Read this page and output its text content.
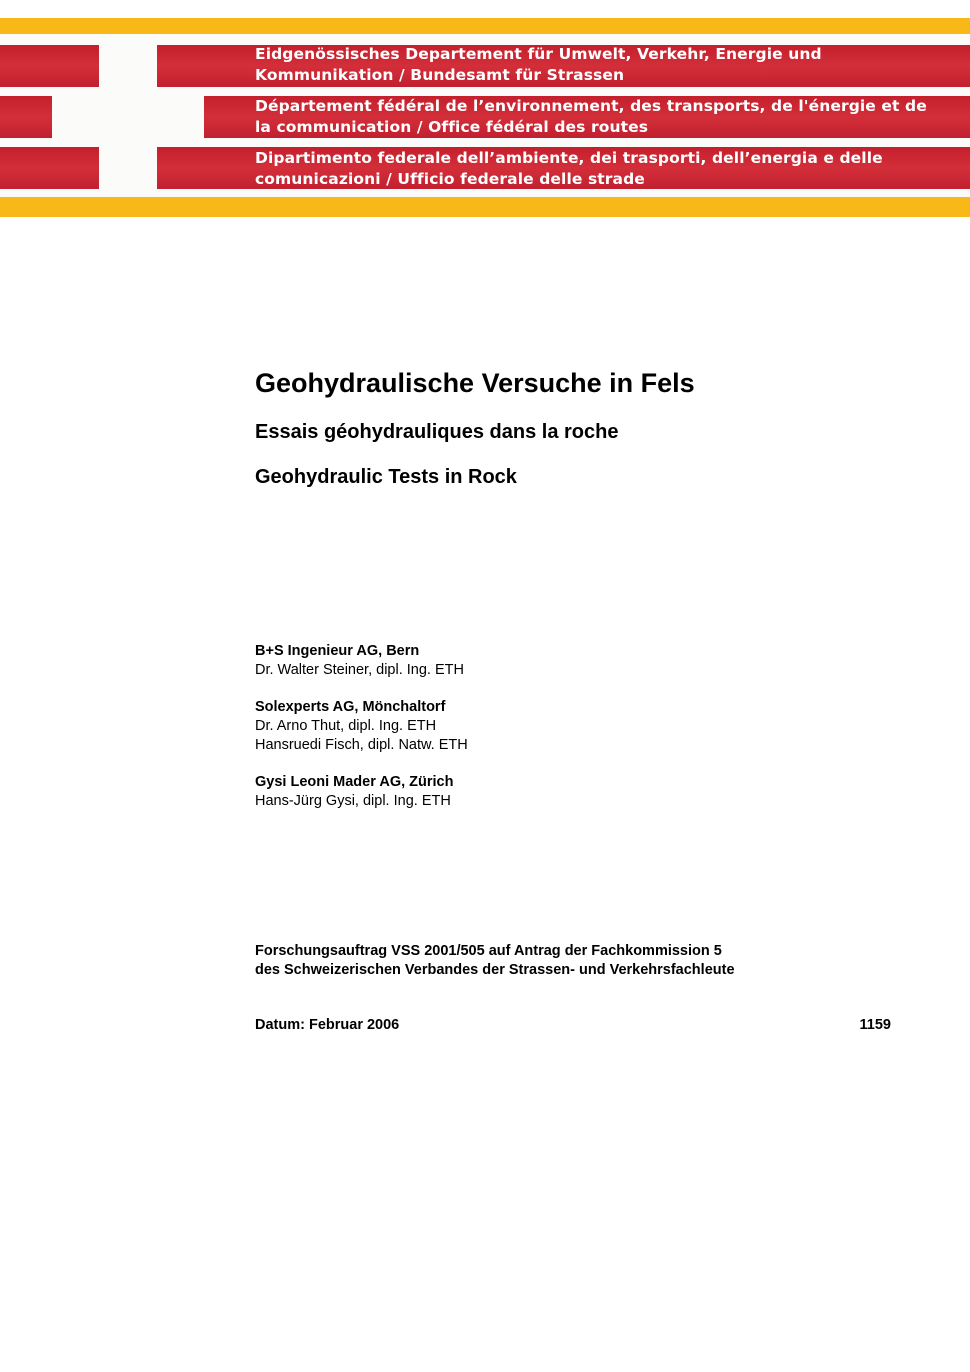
Eidgenössisches Departement für Umwelt, Verkehr, Energie und
Kommunikation / Bundesamt für Strassen
Département fédéral de l’environnement, des transports, de l'énergie et de
la communication / Office fédéral des routes
Dipartimento federale dell’ambiente, dei trasporti, dell’energia e delle
comunicazioni / Ufficio federale delle strade
Geohydraulische Versuche in Fels
Essais géohydrauliques dans la roche
Geohydraulic Tests in Rock
B+S Ingenieur AG, Bern
Dr. Walter Steiner, dipl. Ing. ETH
Solexperts AG, Mönchaltorf
Dr. Arno Thut, dipl. Ing. ETH
Hansruedi Fisch, dipl. Natw. ETH
Gysi Leoni Mader AG, Zürich
Hans-Jürg Gysi, dipl. Ing. ETH
Forschungsauftrag VSS 2001/505 auf Antrag der Fachkommission 5
des Schweizerischen Verbandes der Strassen- und Verkehrsfachleute
Datum: Februar 2006	1159
